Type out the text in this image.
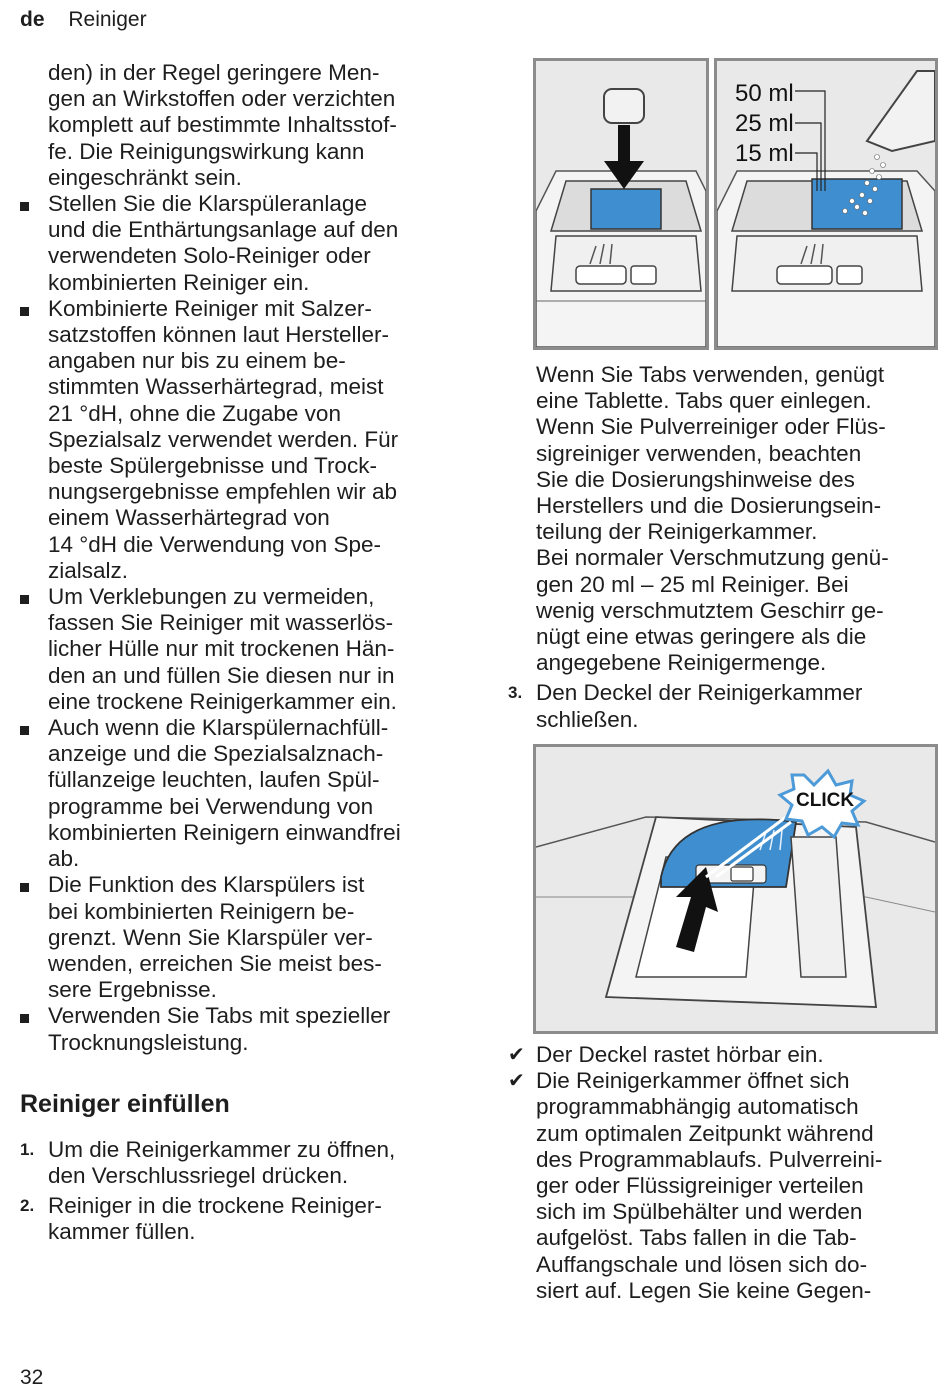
de Reiniger
den) in der Regel geringere Men-
gen an Wirkstoffen oder verzichten
komplett auf bestimmte Inhaltsstof-
fe. Die Reinigungswirkung kann
eingeschränkt sein.
Stellen Sie die Klarspüleranlage
und die Enthärtungsanlage auf den
verwendeten Solo-Reiniger oder
kombinierten Reiniger ein.
Kombinierte Reiniger mit Salzer-
satzstoffen können laut Hersteller-
angaben nur bis zu einem be-
stimmten Wasserhärtegrad, meist
21 °dH, ohne die Zugabe von
Spezialsalz verwendet werden. Für
beste Spülergebnisse und Trock-
nungsergebnisse empfehlen wir ab
einem Wasserhärtegrad von
14 °dH die Verwendung von Spe-
zialsalz.
Um Verklebungen zu vermeiden,
fassen Sie Reiniger mit wasserlös-
licher Hülle nur mit trockenen Hän-
den an und füllen Sie diesen nur in
eine trockene Reinigerkammer ein.
Auch wenn die Klarspülernachfüll-
anzeige und die Spezialsalznach-
füllanzeige leuchten, laufen Spül-
programme bei Verwendung von
kombinierten Reinigern einwandfrei
ab.
Die Funktion des Klarspülers ist
bei kombinierten Reinigern be-
grenzt. Wenn Sie Klarspüler ver-
wenden, erreichen Sie meist bes-
sere Ergebnisse.
Verwenden Sie Tabs mit spezieller
Trocknungsleistung.
Reiniger einfüllen
1. Um die Reinigerkammer zu öffnen,
den Verschlussriegel drücken.
2. Reiniger in die trockene Reiniger-
kammer füllen.
50 ml
25 ml
15 ml
Wenn Sie Tabs verwenden, genügt
eine Tablette. Tabs quer einlegen.
Wenn Sie Pulverreiniger oder Flüs-
sigreiniger verwenden, beachten
Sie die Dosierungshinweise des
Herstellers und die Dosierungsein-
teilung der Reinigerkammer.
Bei normaler Verschmutzung genü-
gen 20 ml – 25 ml Reiniger. Bei
wenig verschmutztem Geschirr ge-
nügt eine etwas geringere als die
angegebene Reinigermenge.
3. Den Deckel der Reinigerkammer
schließen.
CLICK
✔ Der Deckel rastet hörbar ein.
✔ Die Reinigerkammer öffnet sich
programmabhängig automatisch
zum optimalen Zeitpunkt während
des Programmablaufs. Pulverreini-
ger oder Flüssigreiniger verteilen
sich im Spülbehälter und werden
aufgelöst. Tabs fallen in die Tab-
Auffangschale und lösen sich do-
siert auf. Legen Sie keine Gegen-
32
